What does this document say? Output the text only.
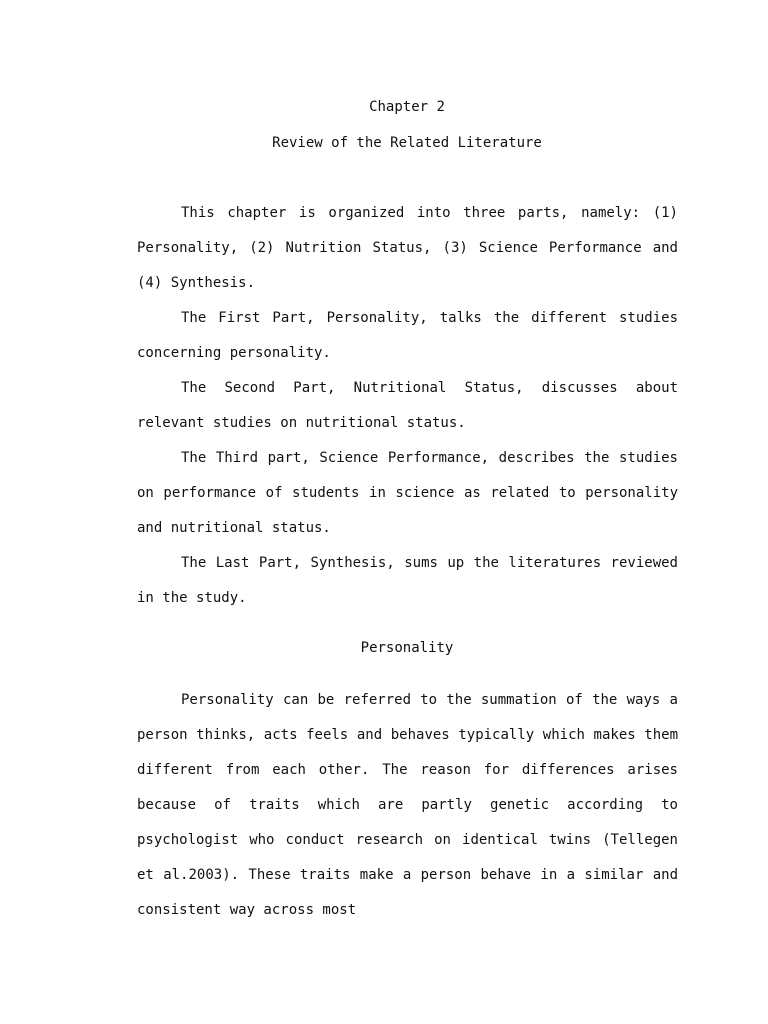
Chapter 2
Review of the Related Literature

This chapter is organized into three parts, namely: (1) Personality, (2) Nutrition Status, (3) Science Performance and (4) Synthesis.

The First Part, Personality, talks the different studies concerning personality.

The Second Part, Nutritional Status, discusses about relevant studies on nutritional status.

The Third part, Science Performance, describes the studies on performance of students in science as related to personality and nutritional status.

The Last Part, Synthesis, sums up the literatures reviewed in the study.

Personality

Personality can be referred to the summation of the ways a person thinks, acts feels and behaves typically which makes them different from each other. The reason for differences arises because of traits which are partly genetic according to psychologist who conduct research on identical twins (Tellegen et al.2003). These traits make a person behave in a similar and consistent way across most
